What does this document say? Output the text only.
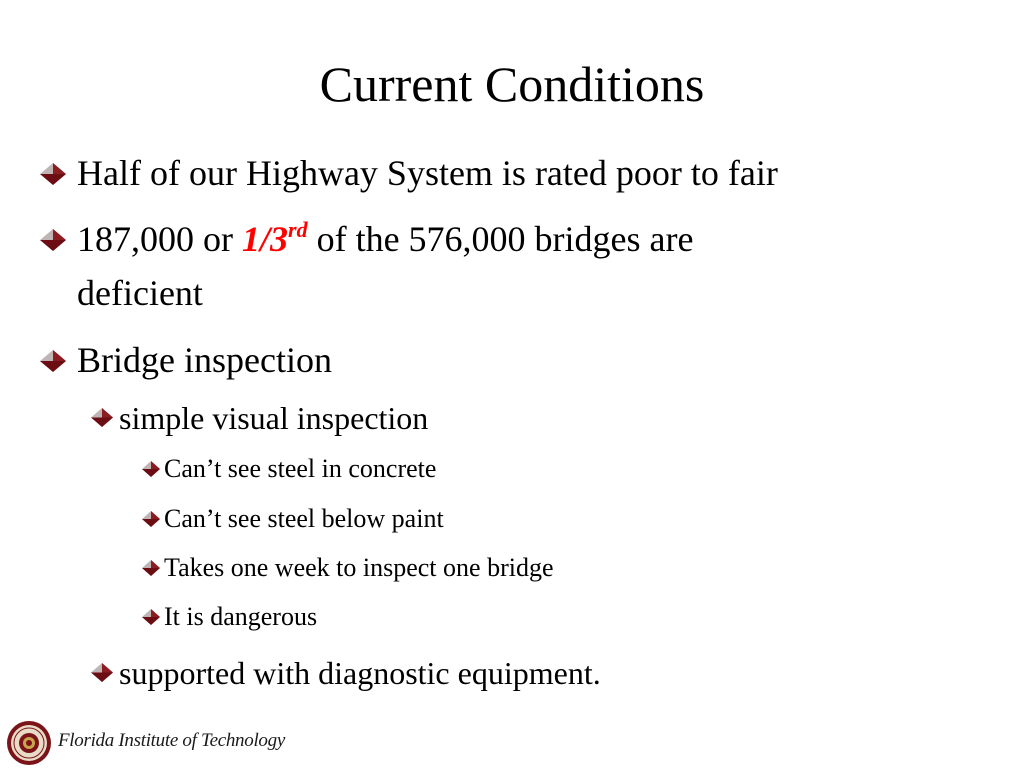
Current Conditions
Half of our Highway System is rated poor to fair
187,000 or 1/3rd of the 576,000 bridges are
deficient
Bridge inspection
simple visual inspection
Can’t see steel in concrete
Can’t see steel below paint
Takes one week to inspect one bridge
It is dangerous
supported with diagnostic equipment.
Florida Institute of Technology
